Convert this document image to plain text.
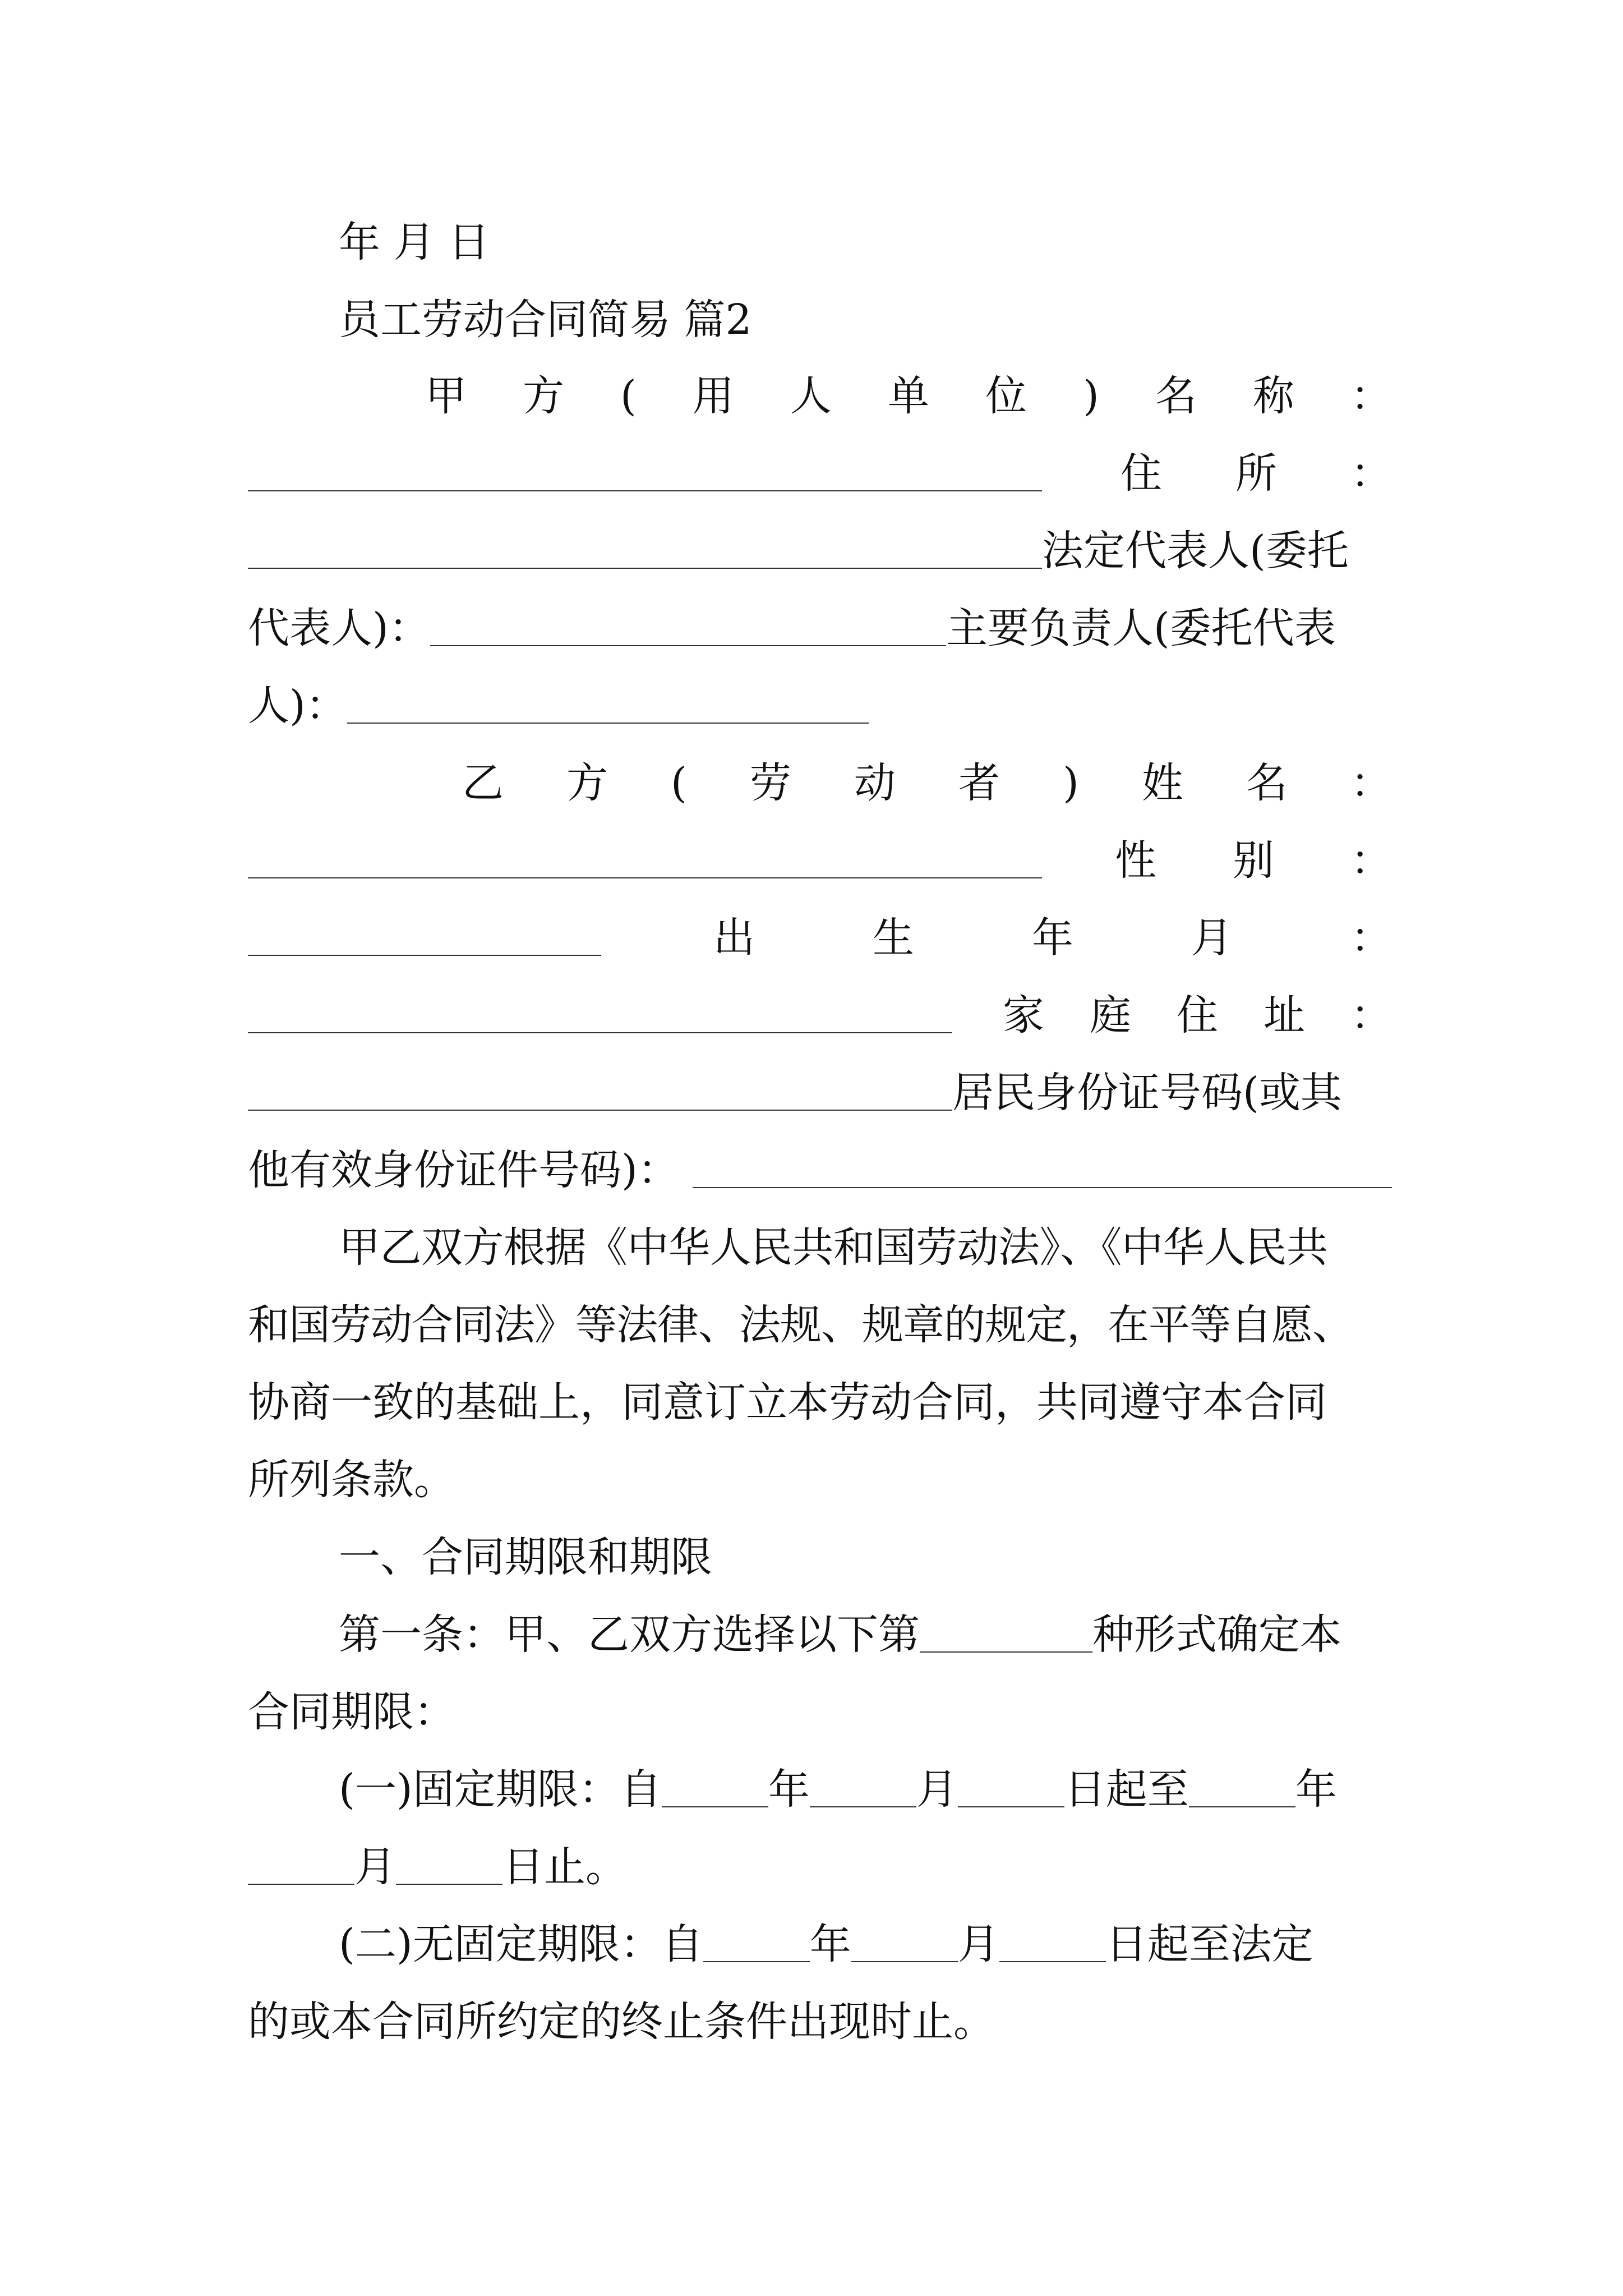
年 月 日
员工劳动合同简易 篇2
甲 方 ( 用 人 单 位 ) 名 称 ：
住 所 ：
法定代表人(委托
代表人)：	主要负责人(委托代表
人)：
乙 方 ( 劳 动 者 ) 姓 名 ：
性 别 ：
出	生	年	月	：
家 庭 住 址 ：
居民身份证号码(或其
他有效身份证件号码)：
甲乙双方根据《中华人民共和国劳动法》、《中华人民共
和国劳动合同法》等法律、法规、规章的规定，在平等自愿、
协商一致的基础上，同意订立本劳动合同，共同遵守本合同
所列条款。
一、合同期限和期限
第一条：甲、乙双方选择以下第	种形式确定本
合同期限：
(一)固定期限：自	年	月	日起至	年
月	日止。
(二)无固定期限：自	年	月	日起至法定
的或本合同所约定的终止条件出现时止。
